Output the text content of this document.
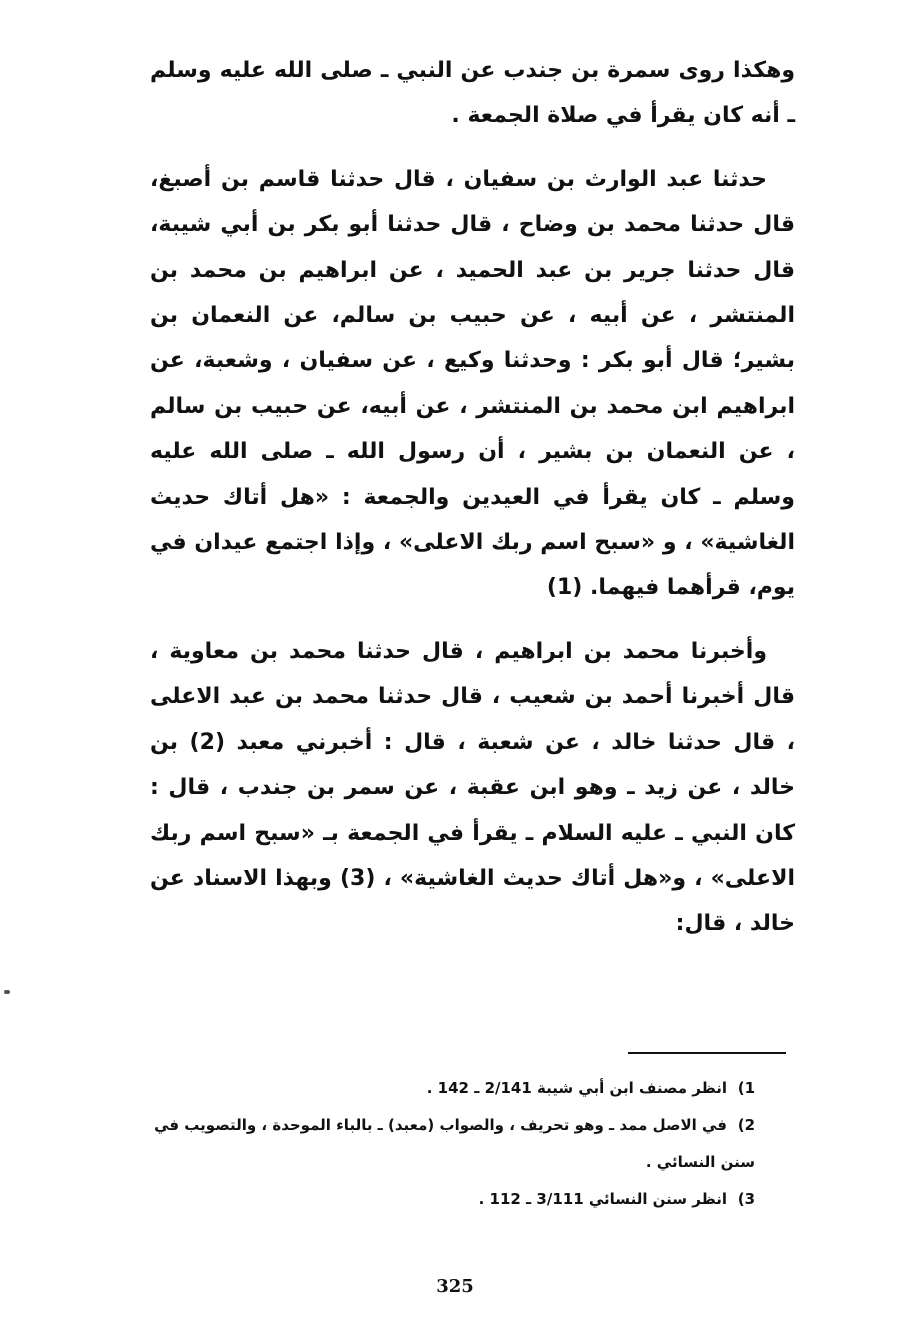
وهكذا روى سمرة بن جندب عن النبي ـ صلى الله عليه وسلم ـ أنه كان يقرأ في صلاة الجمعة .

حدثنا عبد الوارث بن سفيان ، قال حدثنا قاسم بن أصبغ، قال حدثنا محمد بن وضاح ، قال حدثنا أبو بكر بن أبي شيبة، قال حدثنا جرير بن عبد الحميد ، عن ابراهيم بن محمد بن المنتشر ، عن أبيه ، عن حبيب بن سالم، عن النعمان بن بشير؛ قال أبو بكر : وحدثنا وكيع ، عن سفيان ، وشعبة، عن ابراهيم ابن محمد بن المنتشر ، عن أبيه، عن حبيب بن سالم ، عن النعمان بن بشير ، أن رسول الله ـ صلى الله عليه وسلم ـ كان يقرأ في العيدين والجمعة : «هل أتاك حديث الغاشية» ، و «سبح اسم ربك الاعلى» ، وإذا اجتمع عيدان في يوم، قرأهما فيهما. (1)

وأخبرنا محمد بن ابراهيم ، قال حدثنا محمد بن معاوية ، قال أخبرنا أحمد بن شعيب ، قال حدثنا محمد بن عبد الاعلى ، قال حدثنا خالد ، عن شعبة ، قال : أخبرني معبد (2) بن خالد ، عن زيد ـ وهو ابن عقبة ، عن سمر بن جندب ، قال : كان النبي ـ عليه السلام ـ يقرأ في الجمعة بـ «سبح اسم ربك الاعلى» ، و«هل أتاك حديث الغاشية» ، (3) وبهذا الاسناد عن خالد ، قال:

1)انظر مصنف ابن أبي شيبة 2/141 ـ 142 .

2)في الاصل ممد ـ وهو تحريف ، والصواب (معبد) ـ بالباء الموحدة ، والتصويب في سنن النسائي .

3)انظر سنن النسائي 3/111 ـ 112 .

325
